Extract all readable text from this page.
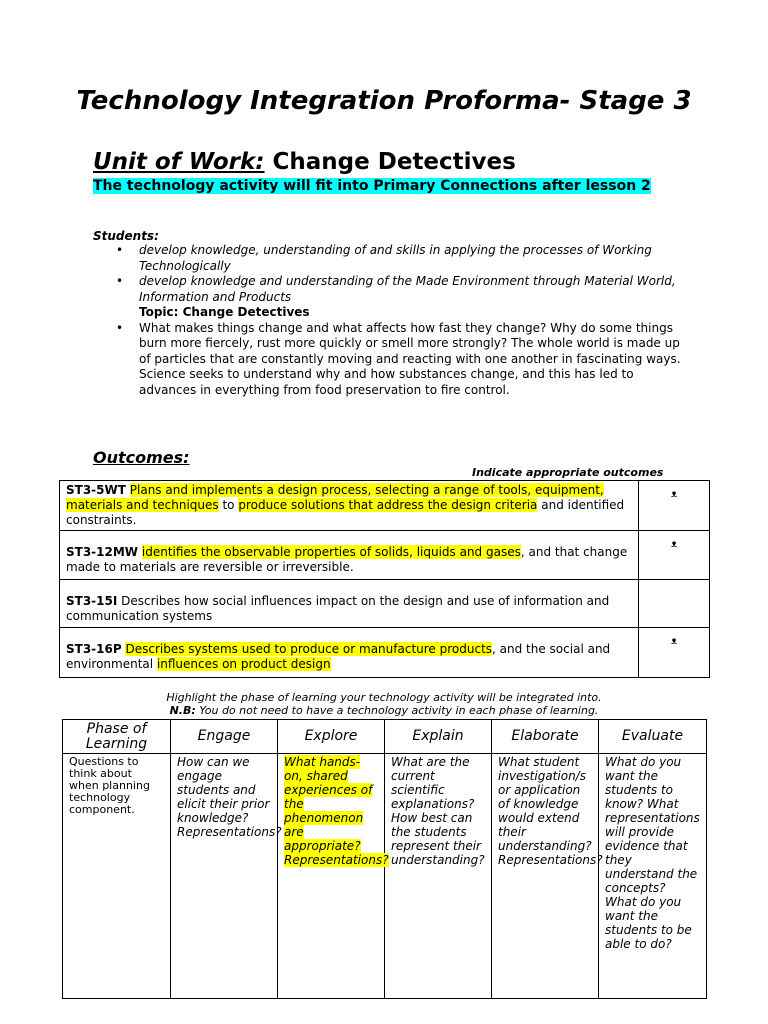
Technology Integration Proforma- Stage 3
Unit of Work: Change Detectives
The technology activity will fit into Primary Connections after lesson 2
Students:

• develop knowledge, understanding of and skills in applying the processes of Working Technologically

• develop knowledge and understanding of the Made Environment through Material World, Information and Products

Topic: Change Detectives

• What makes things change and what affects how fast they change? Why do some things burn more fiercely, rust more quickly or smell more strongly? The whole world is made up of particles that are constantly moving and reacting with one another in fascinating ways. Science seeks to understand why and how substances change, and this has led to advances in everything from food preservation to fire control.

Outcomes:
Indicate appropriate outcomes
ST3-5WT Plans and implements a design process, selecting a range of tools, equipment, materials and techniques to produce solutions that address the design criteria and identified constraints.	ᴥ
ST3-12MW identifies the observable properties of solids, liquids and gases, and that change made to materials are reversible or irreversible.	ᴥ
ST3-15I Describes how social influences impact on the design and use of information and communication systems	
ST3-16P Describes systems used to produce or manufacture products, and the social and environmental influences on product design	ᴥ
Highlight the phase of learning your technology activity will be integrated into.
N.B: You do not need to have a technology activity in each phase of learning.
Phase of Learning	Engage	Explore	Explain	Elaborate	Evaluate
Questions to think about when planning technology component.	How can we engage students and elicit their prior knowledge? Representations?	What hands-on, shared experiences of the phenomenon are appropriate? Representations?	What are the current scientific explanations? How best can the students represent their understanding?	What student investigation/s or application of knowledge would extend their understanding? Representations?	What do you want the students to know? What representations will provide evidence that they understand the concepts? What do you want the students to be able to do?
